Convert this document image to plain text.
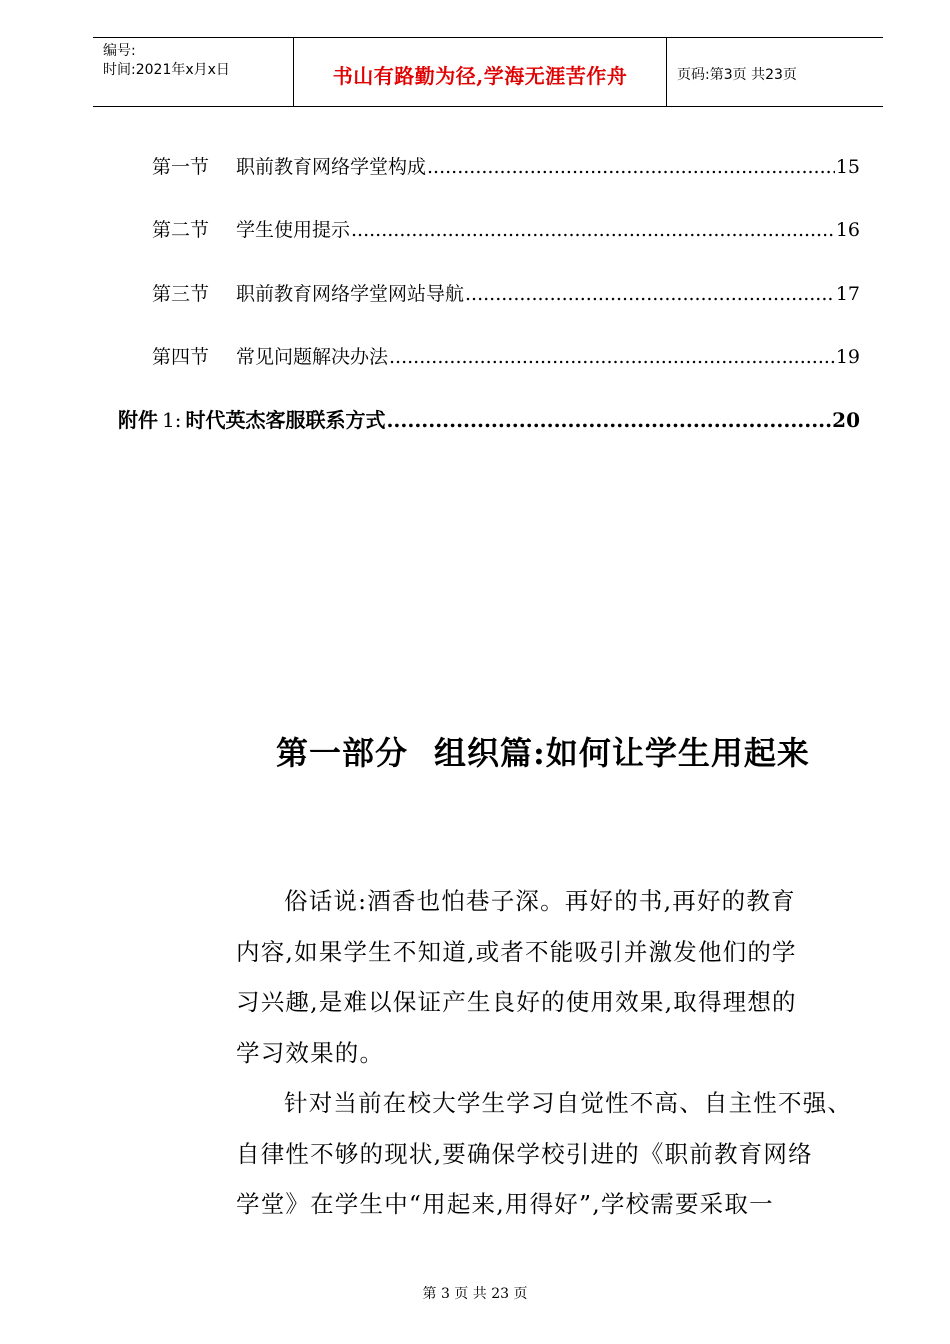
编号:
时间:2021年x月x日	书山有路勤为径,学海无涯苦作舟	页码:第3页 共23页
第一节	职前教育网络学堂构成 .....	15
第二节	学生使用提示 .....	16
第三节	职前教育网络学堂网站导航 .....	17
第四节	常见问题解决办法 .....	19
附件 1: 时代英杰客服联系方式 .....	20
第一部分 组织篇:如何让学生用起来
俗话说:酒香也怕巷子深。再好的书,再好的教育
内容,如果学生不知道,或者不能吸引并激发他们的学
习兴趣,是难以保证产生良好的使用效果,取得理想的
学习效果的。
针对当前在校大学生学习自觉性不高、自主性不强、
自律性不够的现状,要确保学校引进的《职前教育网络
学堂》在学生中“用起来,用得好”,学校需要采取一
第 3 页 共 23 页
